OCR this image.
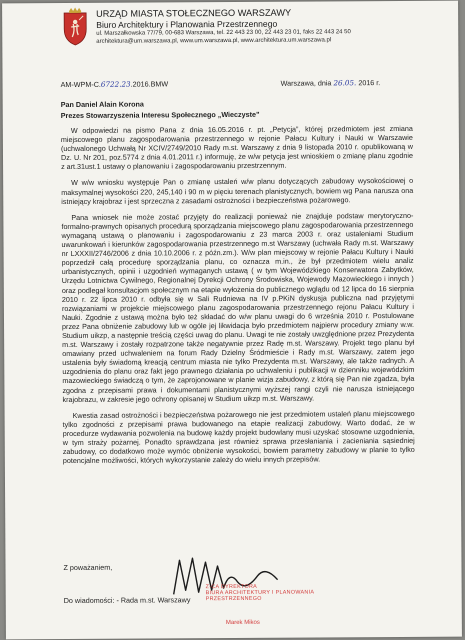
URZĄD MIASTA STOŁECZNEGO WARSZAWY
Biuro Architektury i Planowania Przestrzennego
ul. Marszałkowska 77/79, 00-683 Warszawa, tel. 22 443 23 00, 22 443 23 01, faks 22 443 24 50
architektura@um.warszawa.pl, www.um.warszawa.pl, www.architektura.um.warszawa.pl
AM-WPM-C.6722.23.2016.BMW	Warszawa, dnia 26.05. 2016 r.
Pan Daniel Alain Korona
Prezes Stowarzyszenia Interesu Społecznego „Wieczyste”

W odpowiedzi na pismo Pana z dnia 16.05.2016 r. pt. „Petycja”, której przedmiotem jest zmiana miejscowego planu zagospodarowania przestrzennego w rejonie Pałacu Kultury i Nauki w Warszawie (uchwalonego Uchwałą Nr XCIV/2749/2010 Rady m.st. Warszawy z dnia 9 listopada 2010 r. opublikowaną w Dz. U. Nr 201, poz.5774 z dnia 4.01.2011 r.) informuję, że w/w petycja jest wnioskiem o zmianę planu zgodnie z art.31ust.1 ustawy o planowaniu i zagospodarowaniu przestrzennym.

W w/w wniosku występuje Pan o zmianę ustaleń w/w planu dotyczących zabudowy wysokościowej o maksymalnej wysokości 220, 245,140 i 90 m w pięciu terenach planistycznych, bowiem wg Pana narusza ona istniejący krajobraz i jest sprzeczna z zasadami ostrożności i bezpieczeństwa pożarowego.

Pana wniosek nie może zostać przyjęty do realizacji ponieważ nie znajduje podstaw merytoryczno-formalno-prawnych opisanych procedurą sporządzania miejscowego planu zagospodarowania przestrzennego wymaganą ustawą o planowaniu i zagospodarowaniu z 23 marca 2003 r. oraz ustaleniami Studium uwarunkowań i kierunków zagospodarowania przestrzennego m.st Warszawy (uchwała Rady m.st. Warszawy nr LXXXII/2746/2006 z dnia 10.10.2006 r. z późn.zm.). W/w plan miejscowy w rejonie Pałacu Kultury i Nauki poprzedził całą procedurę sporządzania planu, co oznacza m.in., że był przedmiotem wielu analiz urbanistycznych, opinii i uzgodnień wymaganych ustawą ( w tym Wojewódzkiego Konserwatora Zabytków, Urzędu Lotnictwa Cywilnego, Regionalnej Dyrekcji Ochrony Środowiska, Wojewody Mazowieckiego i innych ) oraz podlegał konsultacjom społecznym na etapie wyłożenia do publicznego wglądu od 12 lipca do 16 sierpnia 2010 r. 22 lipca 2010 r. odbyła się w Sali Rudniewa na IV p.PKiN dyskusja publiczna nad przyjętymi rozwiązaniami w projekcie miejscowego planu zagospodarowania przestrzennego rejonu Pałacu Kultury i Nauki. Zgodnie z ustawą można było też składać do w/w planu uwagi do 6 września 2010 r. Postulowane przez Pana obniżenie zabudowy lub w ogóle jej likwidacja było przedmiotem najpierw procedury zmiany w.w. Studium uikzp, a następnie treścią części uwag do planu. Uwagi te nie zostały uwzględnione przez Prezydenta m.st. Warszawy i zostały rozpatrzone także negatywnie przez Radę m.st. Warszawy. Projekt tego planu był omawiany przed uchwaleniem na forum Rady Dzielny Śródmieście i Rady m.st. Warszawy, zatem jego ustalenia były świadomą kreacją centrum miasta nie tylko Prezydenta m.st. Warszawy, ale także radnych. A uzgodnienia do planu oraz fakt jego prawnego działania po uchwaleniu i publikacji w dzienniku wojewódzkim mazowieckiego świadczą o tym, że zaprojonowane w planie wizja zabudowy, z którą się Pan nie zgadza, była zgodna z przepisami prawa i dokumentami planistycznymi wyższej rangi czyli nie narusza istniejącego krajobrazu, w zakresie jego ochrony opisanej w Studium uikzp m.st. Warszawy.

Kwestia zasad ostrożności i bezpieczeństwa pożarowego nie jest przedmiotem ustaleń planu miejscowego tylko zgodności z przepisami prawa budowanego na etapie realizacji zabudowy. Warto dodać, że w procedurze wydawania pozwolenia na budowę każdy projekt budowlany musi uzyskać stosowne uzgodnienia, w tym straży pożarnej. Ponadto sprawdzana jest również sprawa przesłaniania i zacieniania sąsiedniej zabudowy, co dodatkowo może wymóc obniżenie wysokości, bowiem parametry zabudowy w planie to tylko potencjalne możliwości, których wykorzystanie zależy do wielu innych przepisów.

Z poważaniem,
Do wiadomości: - Rada m.st. Warszawy
Z-CA DYREKTORA
BIURA ARCHITEKTURY I PLANOWANIA
PRZESTRZENNEGO
Marek Mikos
